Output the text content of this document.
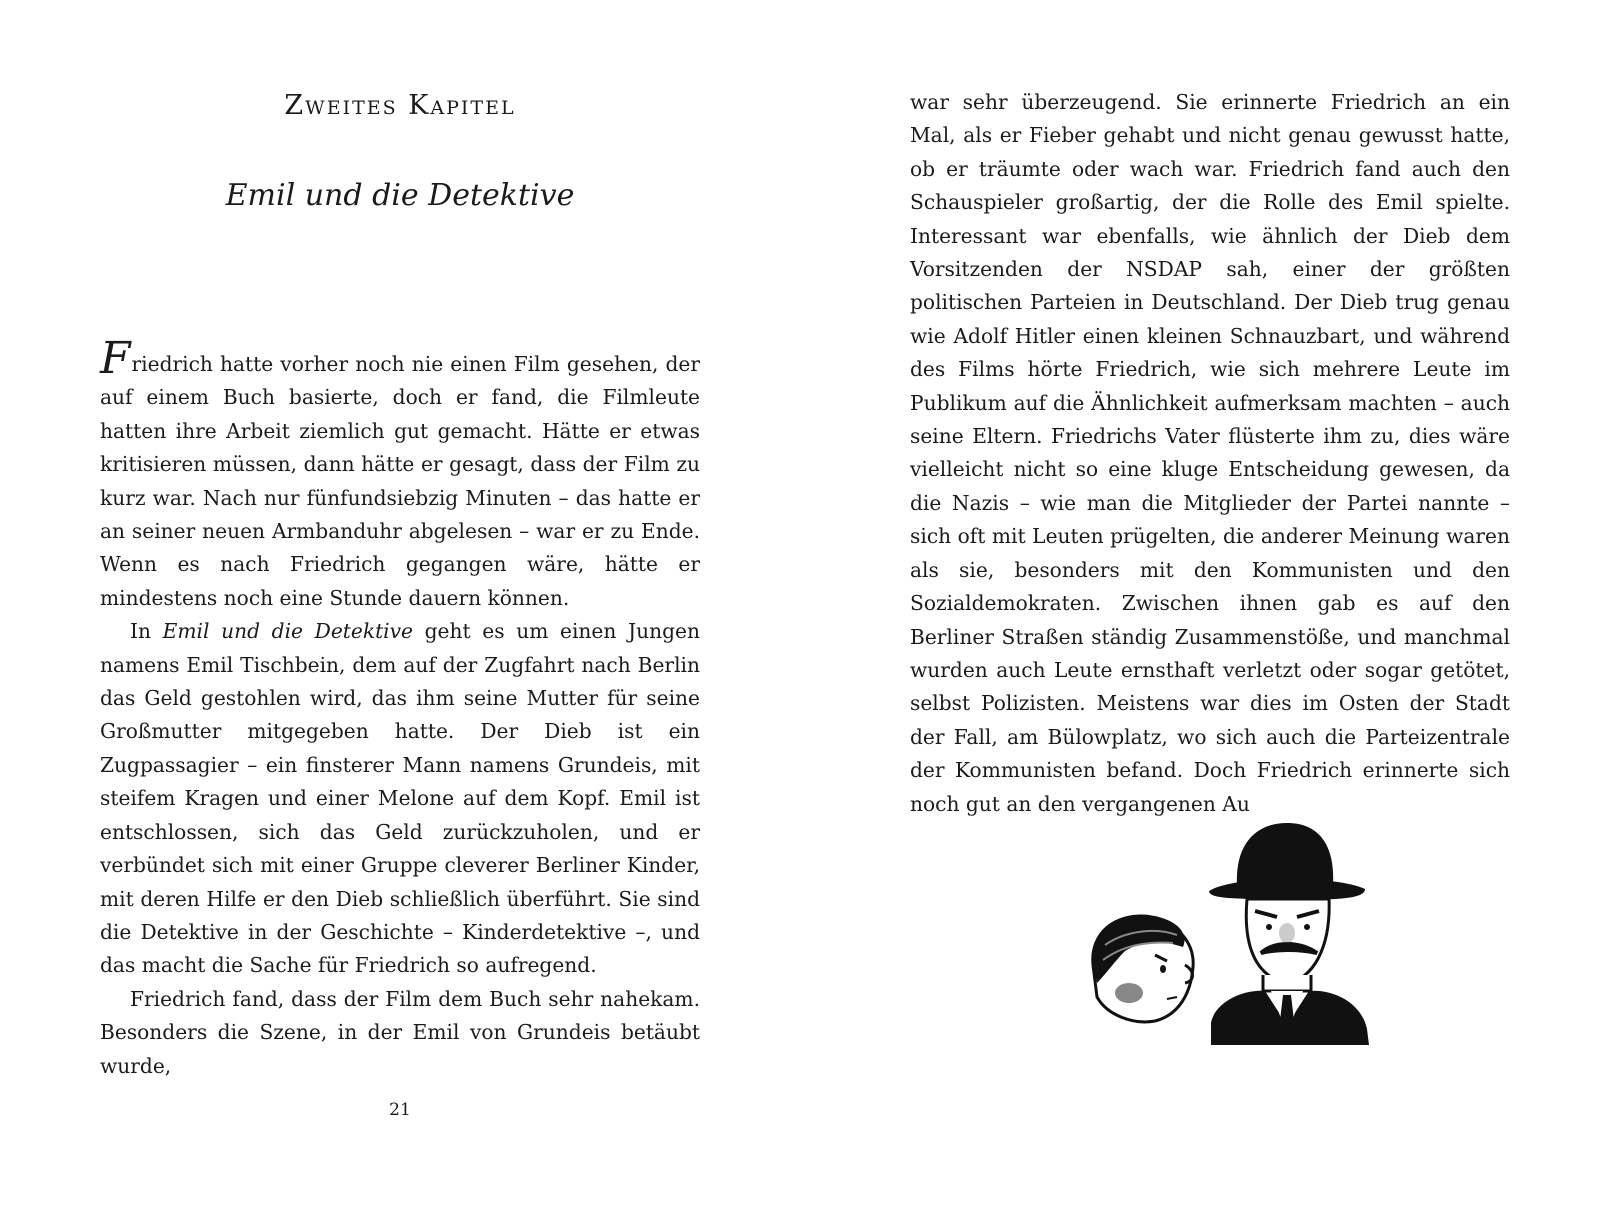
Zweites Kapitel
Emil und die Detektive

Friedrich hatte vorher noch nie einen Film gesehen, der auf einem Buch basierte, doch er fand, die Filmleute hatten ihre Arbeit ziemlich gut gemacht. Hätte er etwas kritisieren müssen, dann hätte er gesagt, dass der Film zu kurz war. Nach nur fünfundsiebzig Minuten – das hatte er an seiner neuen Armbanduhr abgelesen – war er zu Ende. Wenn es nach Friedrich gegangen wäre, hätte er mindestens noch eine Stunde dauern können.

In Emil und die Detektive geht es um einen Jungen namens Emil Tischbein, dem auf der Zugfahrt nach Berlin das Geld gestohlen wird, das ihm seine Mutter für seine Großmutter mitgegeben hatte. Der Dieb ist ein Zugpassagier – ein finsterer Mann namens Grundeis, mit steifem Kragen und einer Melone auf dem Kopf. Emil ist entschlossen, sich das Geld zurückzuholen, und er verbündet sich mit einer Gruppe cleverer Berliner Kinder, mit deren Hilfe er den Dieb schließlich überführt. Sie sind die Detektive in der Geschichte – Kinderdetektive –, und das macht die Sache für Friedrich so aufregend.

Friedrich fand, dass der Film dem Buch sehr nahekam. Besonders die Szene, in der Emil von Grundeis betäubt wurde,

21

war sehr überzeugend. Sie erinnerte Friedrich an ein Mal, als er Fieber gehabt und nicht genau gewusst hatte, ob er träumte oder wach war. Friedrich fand auch den Schauspieler großartig, der die Rolle des Emil spielte. Interessant war ebenfalls, wie ähnlich der Dieb dem Vorsitzenden der NSDAP sah, einer der größten politischen Parteien in Deutschland. Der Dieb trug genau wie Adolf Hitler einen kleinen Schnauzbart, und während des Films hörte Friedrich, wie sich mehrere Leute im Publikum auf die Ähnlichkeit aufmerksam machten – auch seine Eltern. Friedrichs Vater flüsterte ihm zu, dies wäre vielleicht nicht so eine kluge Entscheidung gewesen, da die Nazis – wie man die Mitglieder der Partei nannte – sich oft mit Leuten prügelten, die anderer Meinung waren als sie, besonders mit den Kommunisten und den Sozialdemokraten. Zwischen ihnen gab es auf den Berliner Straßen ständig Zusammenstöße, und manchmal wurden auch Leute ernsthaft verletzt oder sogar getötet, selbst Polizisten. Meistens war dies im Osten der Stadt der Fall, am Bülowplatz, wo sich auch die Parteizentrale der Kommunisten befand. Doch Friedrich erinnerte sich noch gut an den vergangenen Au
